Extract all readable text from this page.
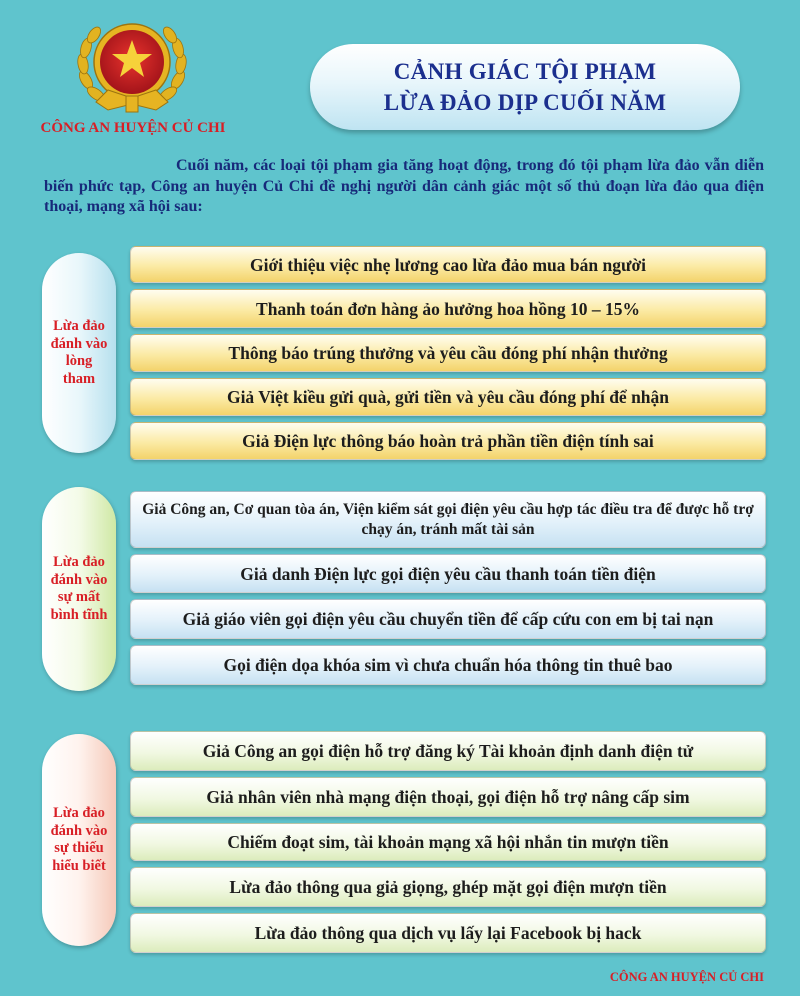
CÔNG AN HUYỆN CỦ CHI
CẢNH GIÁC TỘI PHẠM
LỪA ĐẢO DỊP CUỐI NĂM
Cuối năm, các loại tội phạm gia tăng hoạt động, trong đó tội phạm lừa đảo vẫn diễn biến phức tạp, Công an huyện Củ Chi đề nghị người dân cảnh giác một số thủ đoạn lừa đảo qua điện thoại, mạng xã hội sau:
Lừa đảo đánh vào lòng tham
Giới thiệu việc nhẹ lương cao lừa đảo mua bán người
Thanh toán đơn hàng ảo hưởng hoa hồng 10 – 15%
Thông báo trúng thưởng và yêu cầu đóng phí nhận thưởng
Giả Việt kiều gửi quà, gửi tiền và yêu cầu đóng phí để nhận
Giả Điện lực thông báo hoàn trả phần tiền điện tính sai
Lừa đảo đánh vào sự mất bình tĩnh
Giả Công an, Cơ quan tòa án, Viện kiểm sát gọi điện yêu cầu hợp tác điều tra để được hỗ trợ chạy án, tránh mất tài sản
Giả danh Điện lực gọi điện yêu cầu thanh toán tiền điện
Giả giáo viên gọi điện yêu cầu chuyển tiền để cấp cứu con em bị tai nạn
Gọi điện dọa khóa sim vì chưa chuẩn hóa thông tin thuê bao
Lừa đảo đánh vào sự thiếu hiểu biết
Giả Công an gọi điện hỗ trợ đăng ký Tài khoản định danh điện tử
Giả nhân viên nhà mạng điện thoại, gọi điện hỗ trợ nâng cấp sim
Chiếm đoạt sim, tài khoản mạng xã hội nhắn tin mượn tiền
Lừa đảo thông qua giả giọng, ghép mặt gọi điện mượn tiền
Lừa đảo thông qua dịch vụ lấy lại Facebook bị hack
CÔNG AN HUYỆN CỦ CHI
